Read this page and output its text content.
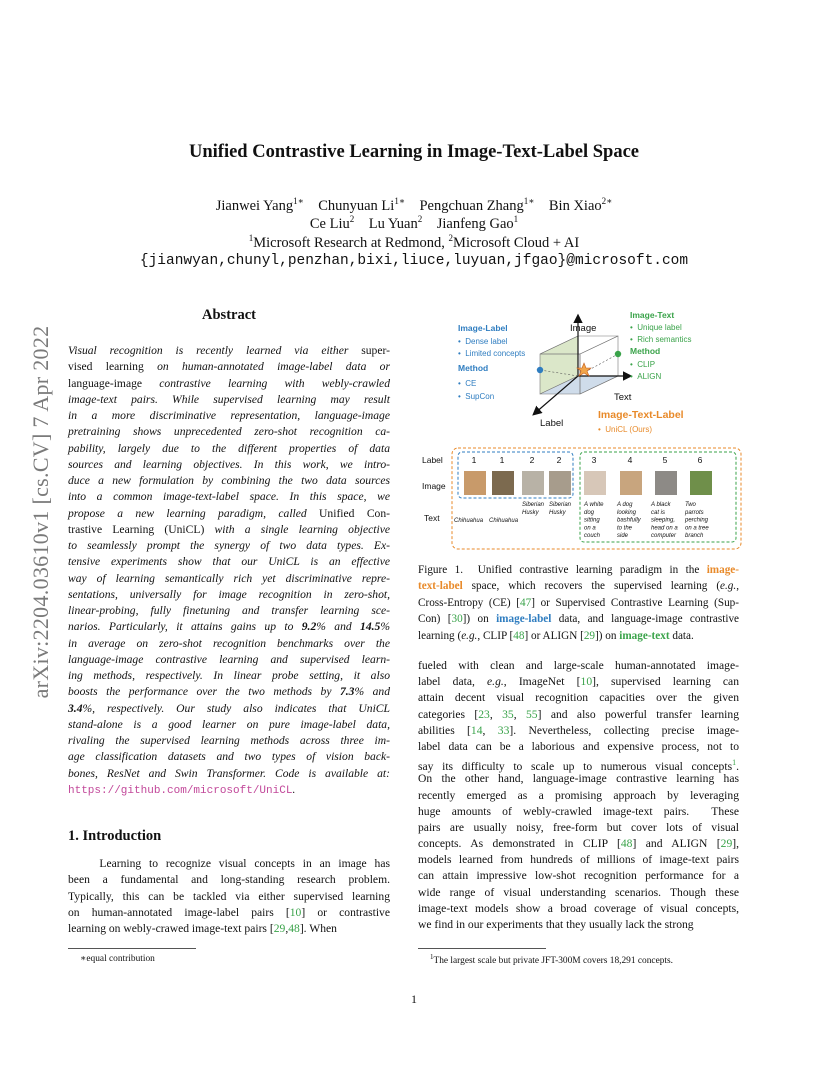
Unified Contrastive Learning in Image-Text-Label Space
Jianwei Yang$^{1∗}$ Chunyuan $Li^{1∗}$ Pengchuan Zhang$^{1∗}$ Bin Xiao$^{2∗}$
Ce Liu$^2$ Lu Yuan$^2$ Jianfeng Gao$^1$
$^1$Microsoft Research at Redmond, $^2$Microsoft Cloud + AI
{jianwyan,chunyl,penzhan,bixi,liuce,luyuan,jfgao}@microsoft.com
arXiv:2204.03610v1 [cs.CV] 7 Apr 2022
Abstract
Visual recognition is recently learned via either super-
vised learning on human-annotated image-label data or
language-image contrastive learning with webly-crawled
image-text pairs. While supervised learning may result
in a more discriminative representation, language-image
pretraining shows unprecedented zero-shot recognition ca-
pability, largely due to the different properties of data
sources and learning objectives. In this work, we intro-
duce a new formulation by combining the two data sources
into a common image-text-label space. In this space, we
propose a new learning paradigm, called Unified Con-
trastive Learning (UniCL) with a single learning objective
to seamlessly prompt the synergy of two data types. Ex-
tensive experiments show that our UniCL is an effective
way of learning semantically rich yet discriminative repre-
sentations, universally for image recognition in zero-shot,
linear-probing, fully finetuning and transfer learning sce-
narios. Particularly, it attains gains up to 9.2% and 14.5%
in average on zero-shot recognition benchmarks over the
language-image contrastive learning and supervised learn-
ing methods, respectively. In linear probe setting, it also
boosts the performance over the two methods by 7.3% and
3.4%, respectively. Our study also indicates that UniCL
stand-alone is a good learner on pure image-label data,
rivaling the supervised learning methods across three im-
age classification datasets and two types of vision back-
bones, ResNet and Swin Transformer. Code is available at:
https://github.com/microsoft/UniCL.
1. Introduction
Learning to recognize visual concepts in an image has
been a fundamental and long-standing research problem.
Typically, this can be tackled via either supervised learning
on human-annotated image-label pairs [10] or contrastive
learning on webly-crawed image-text pairs [29,48]. When
∗equal contribution
Image
Text
Label
Image-Label
•  Dense label
•  Limited concepts
Method
•  CE
•  SupCon
Image-Text
•  Unique label
•  Rich semantics
Method
•  CLIP
•  ALIGN
Image-Text-Label
•  UniCL (Ours)
Label
Image
Text
1	1	2	2	3	4	5	6
Chihuahua Chihuahua
Siberian Husky
Siberian Husky
A white dog sitting on a couch
A dog looking bashfully to the side
A black cat is sleeping, head on a computer
Two parrots perching on a tree branch
Figure 1.  Unified contrastive learning paradigm in the image-
text-label space, which recovers the supervised learning (e.g.,
Cross-Entropy (CE) [47] or Supervised Contrastive Learning (Sup-
Con) [30]) on image-label data, and language-image contrastive
learning (e.g., CLIP [48] or ALIGN [29]) on image-text data.
fueled with clean and large-scale human-annotated image-
label data, e.g., ImageNet [10], supervised learning can
attain decent visual recognition capacities over the given
categories [23, 35, 55] and also powerful transfer learning
abilities [14, 33]. Nevertheless, collecting precise image-
label data can be a laborious and expensive process, not to
say its difficulty to scale up to numerous visual concepts$^1$.
On the other hand, language-image contrastive learning has
recently emerged as a promising approach by leveraging
huge amounts of webly-crawled image-text pairs.  These
pairs are usually noisy, free-form but cover lots of visual
concepts. As demonstrated in CLIP [48] and ALIGN [29],
models learned from hundreds of millions of image-text pairs
can attain impressive low-shot recognition performance for a
wide range of visual understanding scenarios. Though these
image-text models show a broad coverage of visual concepts,
we find in our experiments that they usually lack the strong
$^1$The largest scale but private JFT-300M covers 18,291 concepts.
1
